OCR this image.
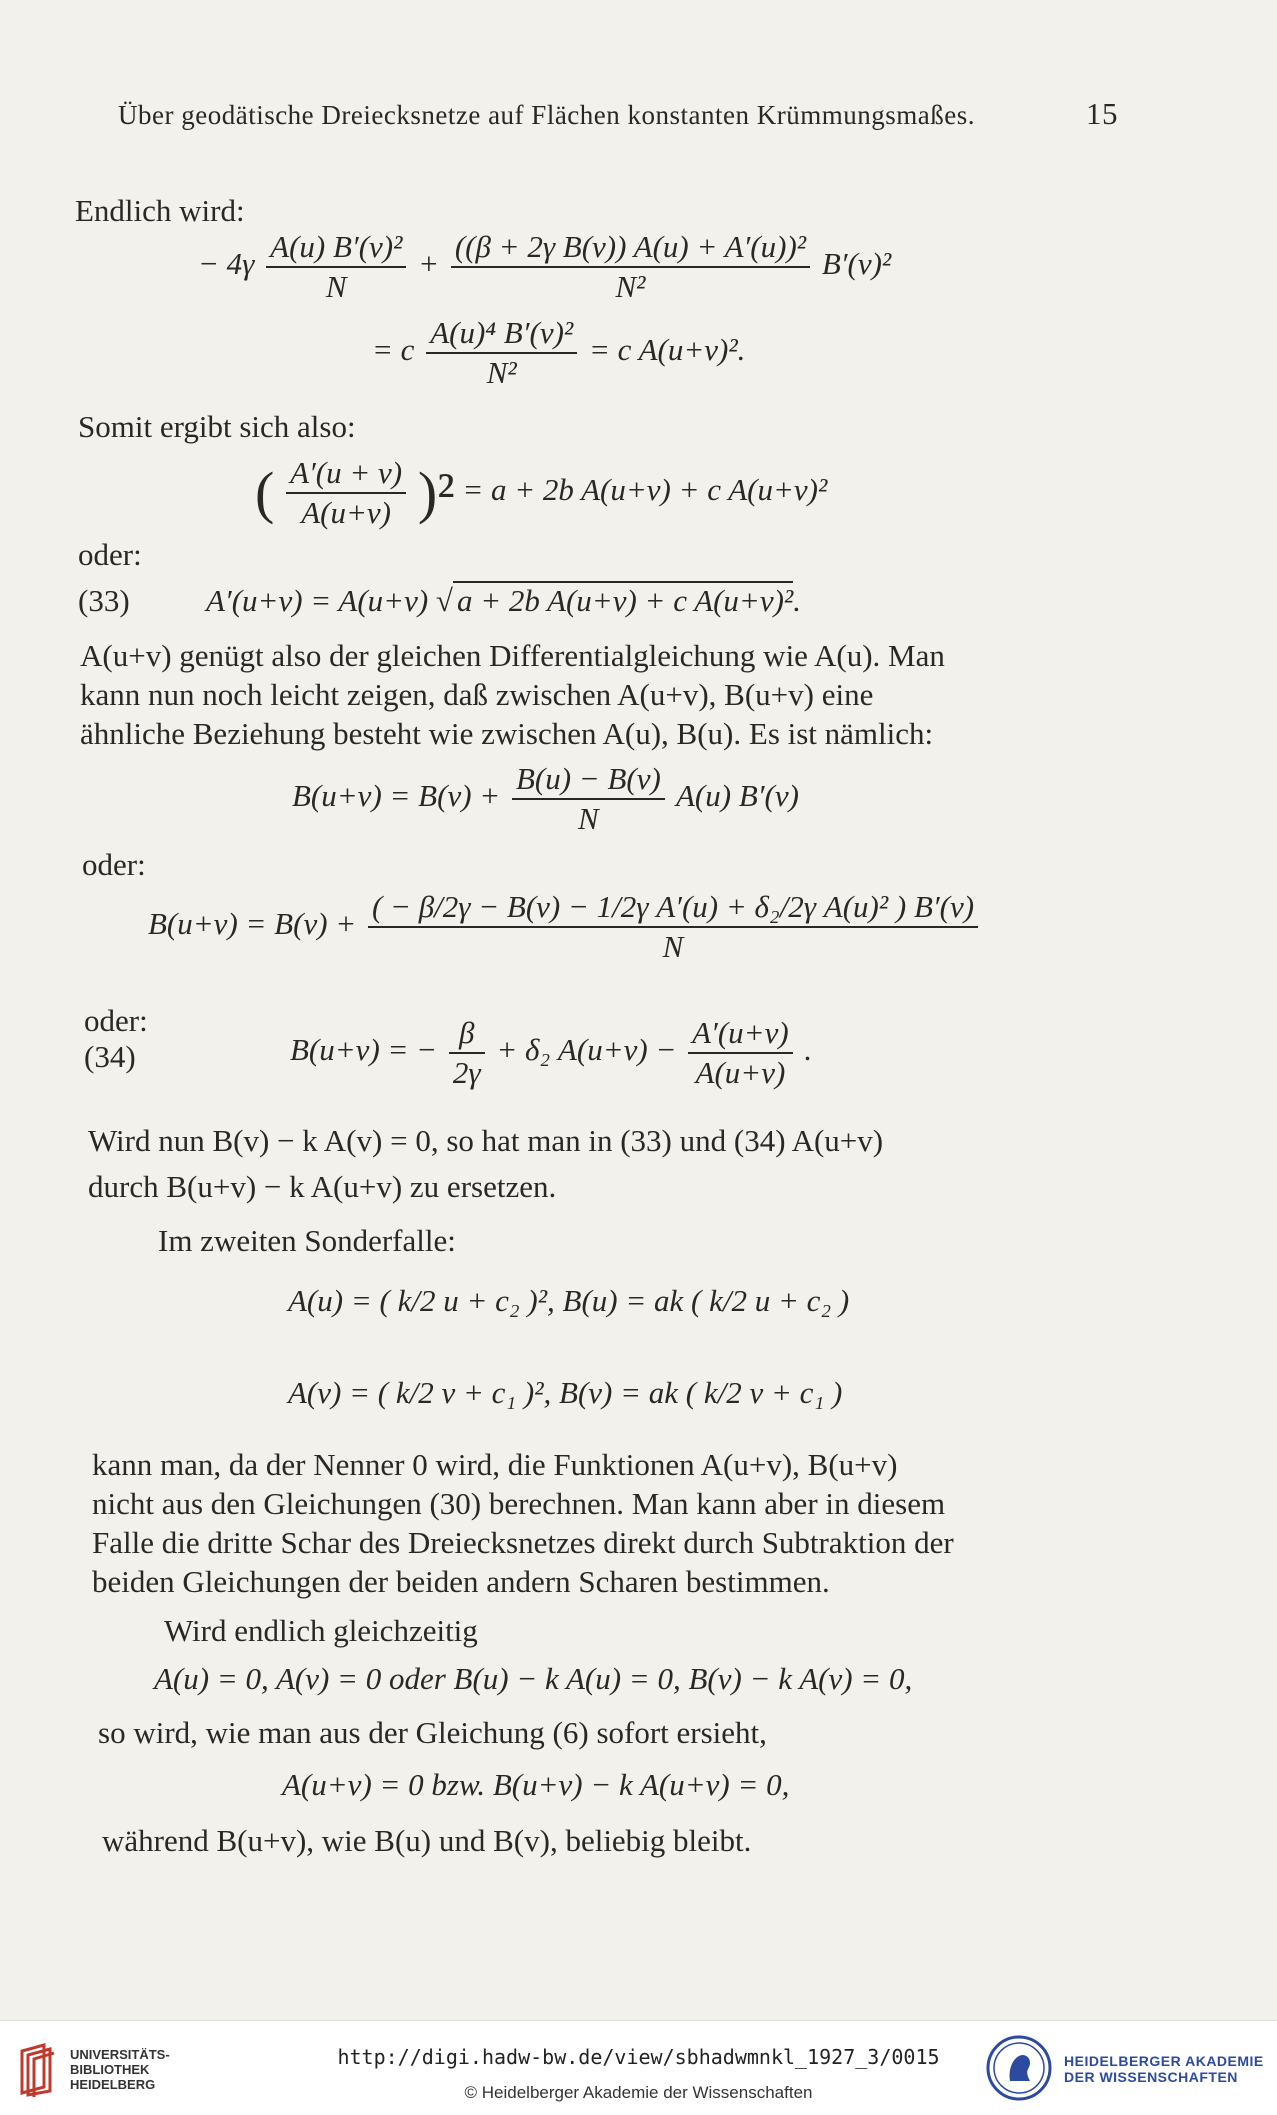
Über geodätische Dreiecksnetze auf Flächen konstanten Krümmungsmaßes.	15
Endlich wird:
− $4\gamma \frac{\text{A(u) B′(v)²}}{N} + \frac{\text{((β + 2γ B(v)) A(u) + A′(u))²}}{\text{N²}} B'(v)^2$
= c $\frac{\text{A(u)⁴ B′(v)²}}{\text{N²}} = c$ A(u+v)².
Somit ergibt sich also:
( $\frac{A'(u + v)}{A(u+v)} )^2 = a + 2b$ A(u+v) + c A(u+v)²
oder:
(33) A′(u+v) = A(u+v) √ a + 2b A(u+v) + c A(u+v)².
A(u+v) genügt also der gleichen Differentialgleichung wie A(u). Man
kann nun noch leicht zeigen, daß zwischen A(u+v), B(u+v) eine
ähnliche Beziehung besteht wie zwischen A(u), B(u). Es ist nämlich:
$B(u+v) = B(v) + \frac{B(u) - B(v)}{N} A(u)$ B′(v)
oder:
$B(u+v) = B(v) + \frac{\text{( − β/2γ − B(v) − 1/2γ A′(u) + δ₂/2γ A(u)² ) B′(v)}}{N}$
oder:
(34)	B(u+v) = − $\frac{\beta}{2\gamma} + \delta_2$ $A(u+v) - \frac{A'(u+v)}{A(u+v)}$ .
Wird nun B(v) − k A(v) = 0, so hat man in (33) und (34) A(u+v)
durch B(u+v) − k A(u+v) zu ersetzen.
Im zweiten Sonderfalle:
A(u) = ( k/2 u + c₂ )², B(u) = ak ( k/2 u + c₂ )
A(v) = ( k/2 v + c₁ )², B(v) = ak ( k/2 v + c₁ )
kann man, da der Nenner 0 wird, die Funktionen A(u+v), B(u+v)
nicht aus den Gleichungen (30) berechnen. Man kann aber in diesem
Falle die dritte Schar des Dreiecksnetzes direkt durch Subtraktion der
beiden Gleichungen der beiden andern Scharen bestimmen.
Wird endlich gleichzeitig
A(u) = 0, A(v) = 0 oder B(u) − k A(u) = 0, B(v) − k A(v) = 0,
so wird, wie man aus der Gleichung (6) sofort ersieht,
A(u+v) = 0 bzw. B(u+v) − k A(u+v) = 0,
während B(u+v), wie B(u) und B(v), beliebig bleibt.
UNIVERSITÄTS-
BIBLIOTHEK
HEIDELBERG
http://digi.hadw-bw.de/view/sbhadwmnkl_1927_3/0015
© Heidelberger Akademie der Wissenschaften
HEIDELBERGER AKADEMIE
DER WISSENSCHAFTEN
